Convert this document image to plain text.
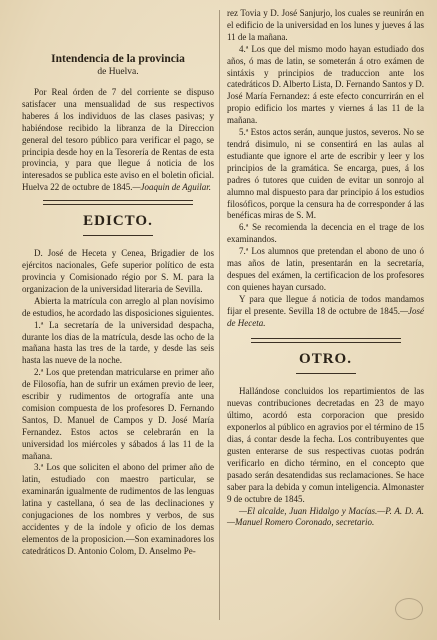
Intendencia de la provincia

de Huelva.

Por Real órden de 7 del corriente se dispuso satisfacer una mensualidad de sus respectivos haberes á los individuos de las clases pasivas; y habiéndose recibido la libranza de la Direccion general del tesoro público para verificar el pago, se principia desde hoy en la Tesorería de Rentas de esta provincia, y para que llegue á noticia de los interesados se publica este aviso en el boletin oficial. Huelva 22 de octubre de 1845.—Joaquin de Aguilar.

EDICTO.

D. José de Heceta y Cenea, Brigadier de los ejércitos nacionales, Gefe superior político de esta provincia y Comisionado régio por S. M. para la organizacion de la universidad literaria de Sevilla.

Abierta la matrícula con arreglo al plan novísimo de estudios, he acordado las disposiciones siguientes.

1.ª La secretaría de la universidad despacha, durante los dias de la matrícula, desde las ocho de la mañana hasta las tres de la tarde, y desde las seis hasta las nueve de la noche.

2.ª Los que pretendan matricularse en primer año de Filosofía, han de sufrir un exámen previo de leer, escribir y rudimentos de ortografía ante una comision compuesta de los profesores D. Fernando Santos, D. Manuel de Campos y D. José María Fernandez. Estos actos se celebrarán en la universidad los miércoles y sábados á las 11 de la mañana.

3.ª Los que soliciten el abono del primer año de latin, estudiado con maestro particular, se examinarán igualmente de rudimentos de las lenguas latina y castellana, ó sea de las declinaciones y conjugaciones de los nombres y verbos, de sus accidentes y de la índole y oficio de los demas elementos de la proposicion.—Son examinadores los catedráticos D. Antonio Colom, D. Anselmo Pe-

rez Tovia y D. José Sanjurjo, los cuales se reunirán en el edificio de la universidad en los lunes y jueves á las 11 de la mañana.

4.ª Los que del mismo modo hayan estudiado dos años, ó mas de latin, se someterán á otro exámen de sintáxis y principios de traduccion ante los catedráticos D. Alberto Lista, D. Fernando Santos y D. José María Fernandez: á este efecto concurrirán en el propio edificio los martes y viernes á las 11 de la mañana.

5.ª Estos actos serán, aunque justos, severos. No se tendrá disimulo, ni se consentirá en las aulas al estudiante que ignore el arte de escribir y leer y los principios de la gramática. Se encarga, pues, á los padres ó tutores que cuiden de evitar un sonrojo al alumno mal dispuesto para dar principio á los estudios filosóficos, porque la censura ha de corresponder á las benéficas miras de S. M.

6.ª Se recomienda la decencia en el trage de los examinandos.

7.ª Los alumnos que pretendan el abono de uno ó mas años de latin, presentarán en la secretaría, despues del exámen, la certificacion de los profesores con quienes hayan cursado.

Y para que llegue á noticia de todos mandamos fijar el presente. Sevilla 18 de octubre de 1845.—José de Heceta.

OTRO.

Hallándose concluidos los repartimientos de las nuevas contribuciones decretadas en 23 de mayo último, acordó esta corporacion que presido exponerlos al público en agravios por el término de 15 dias, á contar desde la fecha. Los contribuyentes que gusten enterarse de sus respectivas cuotas podrán verificarlo en dicho término, en el concepto que pasado serán desatendidas sus reclamaciones. Se hace saber para la debida y comun inteligencia. Almonaster 9 de octubre de 1845.

—El alcalde, Juan Hidalgo y Macías.—P. A. D. A.—Manuel Romero Coronado, secretario.
